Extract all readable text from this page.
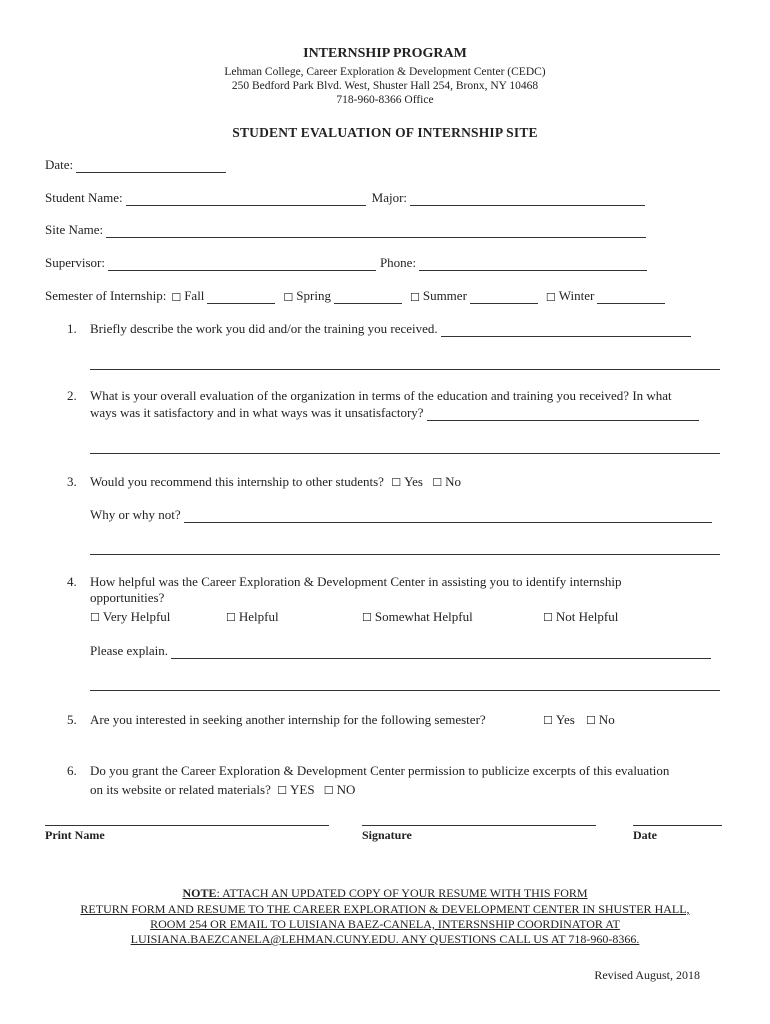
INTERNSHIP PROGRAM
Lehman College, Career Exploration & Development Center (CEDC)
250 Bedford Park Blvd. West, Shuster Hall 254, Bronx, NY 10468
718-960-8366 Office
STUDENT EVALUATION OF INTERNSHIP SITE
Date:
Student Name:	Major:
Site Name:
Supervisor:	Phone:
Semester of Internship: ☐ Fall	☐ Spring	☐ Summer	☐ Winter
1. Briefly describe the work you did and/or the training you received.
2. What is your overall evaluation of the organization in terms of the education and training you received? In what
ways was it satisfactory and in what ways was it unsatisfactory?
3. Would you recommend this internship to other students? ☐ Yes ☐ No
Why or why not?
4. How helpful was the Career Exploration & Development Center in assisting you to identify internship
opportunities?
☐ Very Helpful	☐ Helpful	☐ Somewhat Helpful	☐ Not Helpful
Please explain.
5. Are you interested in seeking another internship for the following semester?	☐ Yes ☐ No
6. Do you grant the Career Exploration & Development Center permission to publicize excerpts of this evaluation
on its website or related materials? ☐ YES ☐ NO
Print Name	Signature	Date
NOTE: ATTACH AN UPDATED COPY OF YOUR RESUME WITH THIS FORM
RETURN FORM AND RESUME TO THE CAREER EXPLORATION & DEVELOPMENT CENTER IN SHUSTER HALL,
ROOM 254 OR EMAIL TO LUISIANA BAEZ-CANELA, INTERSNSHIP COORDINATOR AT
LUISIANA.BAEZCANELA@LEHMAN.CUNY.EDU. ANY QUESTIONS CALL US AT 718-960-8366.
Revised August, 2018
